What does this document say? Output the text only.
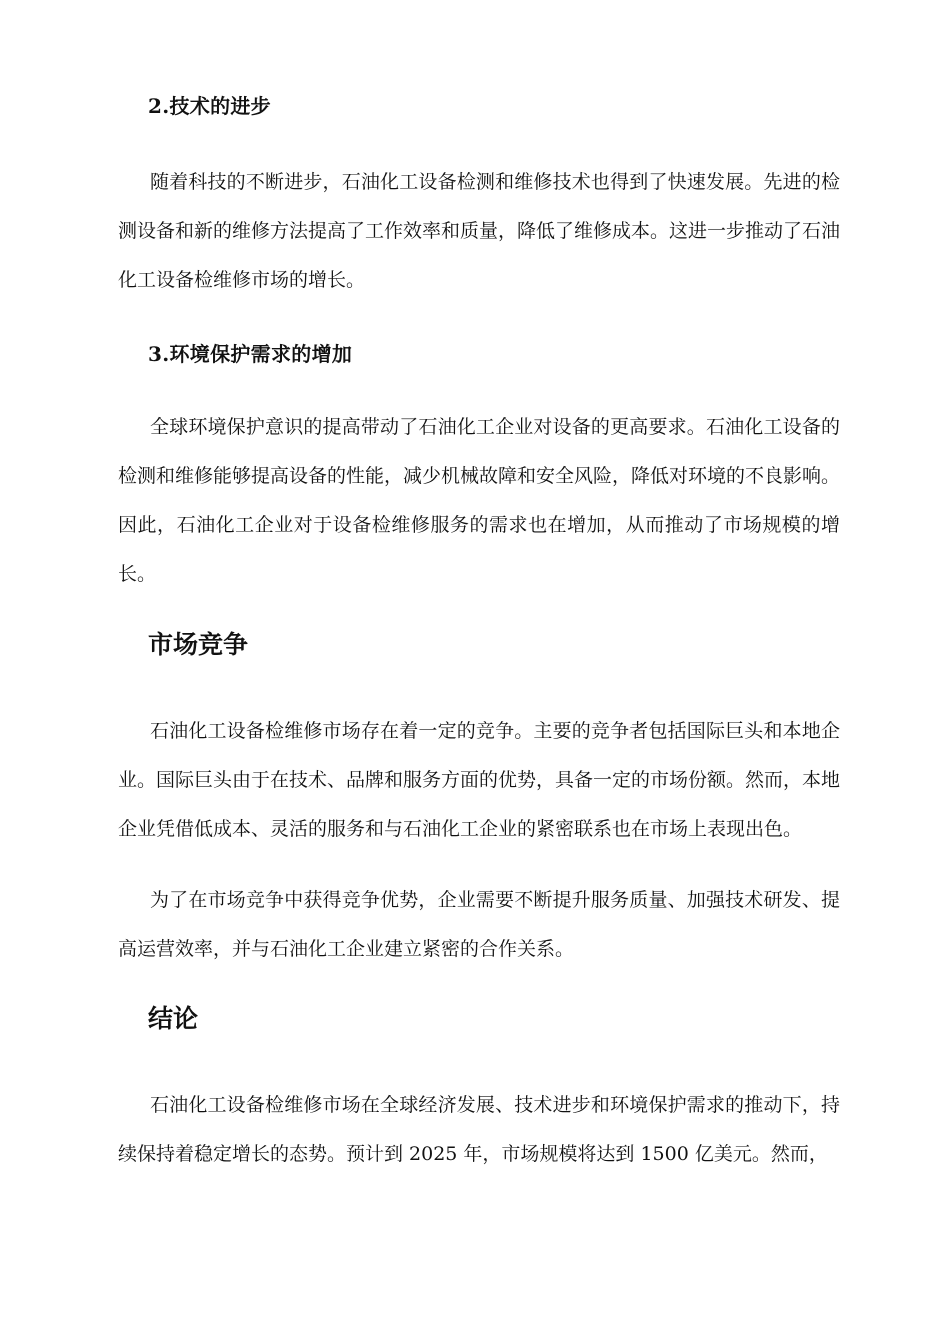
2.技术的进步

随着科技的不断进步，石油化工设备检测和维修技术也得到了快速发展。先进的检测设备和新的维修方法提高了工作效率和质量，降低了维修成本。这进一步推动了石油化工设备检维修市场的增长。

3.环境保护需求的增加

全球环境保护意识的提高带动了石油化工企业对设备的更高要求。石油化工设备的检测和维修能够提高设备的性能，减少机械故障和安全风险，降低对环境的不良影响。因此，石油化工企业对于设备检维修服务的需求也在增加，从而推动了市场规模的增长。

市场竞争

石油化工设备检维修市场存在着一定的竞争。主要的竞争者包括国际巨头和本地企业。国际巨头由于在技术、品牌和服务方面的优势，具备一定的市场份额。然而，本地企业凭借低成本、灵活的服务和与石油化工企业的紧密联系也在市场上表现出色。

为了在市场竞争中获得竞争优势，企业需要不断提升服务质量、加强技术研发、提高运营效率，并与石油化工企业建立紧密的合作关系。

结论

石油化工设备检维修市场在全球经济发展、技术进步和环境保护需求的推动下，持续保持着稳定增长的态势。预计到 2025 年，市场规模将达到 1500 亿美元。然而，
